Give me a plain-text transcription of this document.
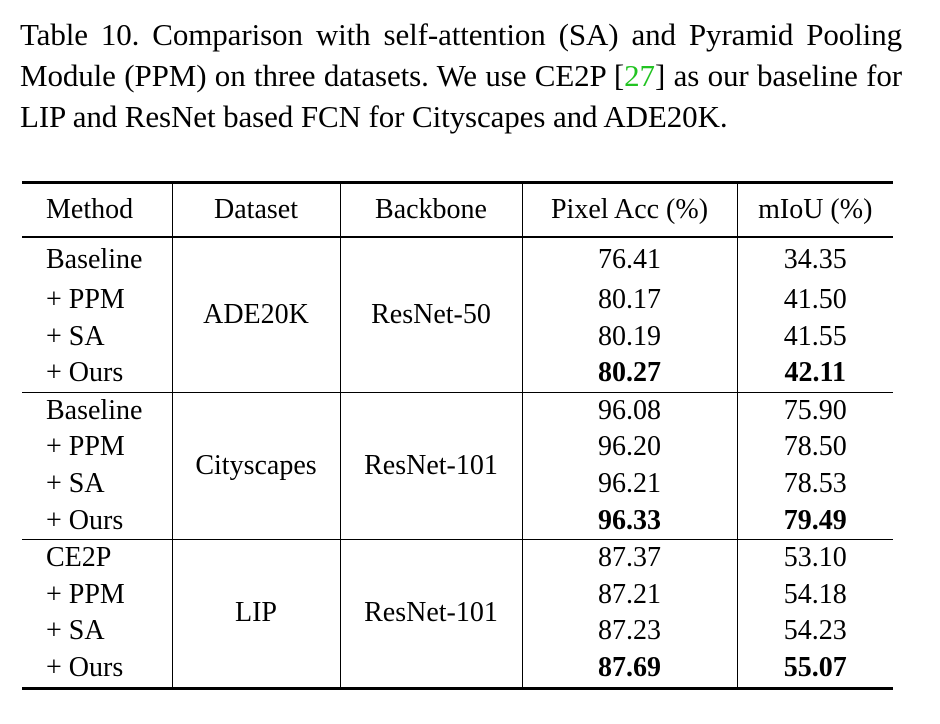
Table 10. Comparison with self-attention (SA) and Pyramid Pooling Module (PPM) on three datasets. We use CE2P [27] as our baseline for LIP and ResNet based FCN for Cityscapes and ADE20K.
Method	Dataset	Backbone	Pixel Acc (%)	mIoU (%)
Baseline	ADE20K	ResNet-50	76.41	34.35
+ PPM			80.17	41.50
+ SA			80.19	41.55
+ Ours			80.27	42.11
Baseline	Cityscapes	ResNet-101	96.08	75.90
+ PPM			96.20	78.50
+ SA			96.21	78.53
+ Ours			96.33	79.49
CE2P	LIP	ResNet-101	87.37	53.10
+ PPM			87.21	54.18
+ SA			87.23	54.23
+ Ours			87.69	55.07
